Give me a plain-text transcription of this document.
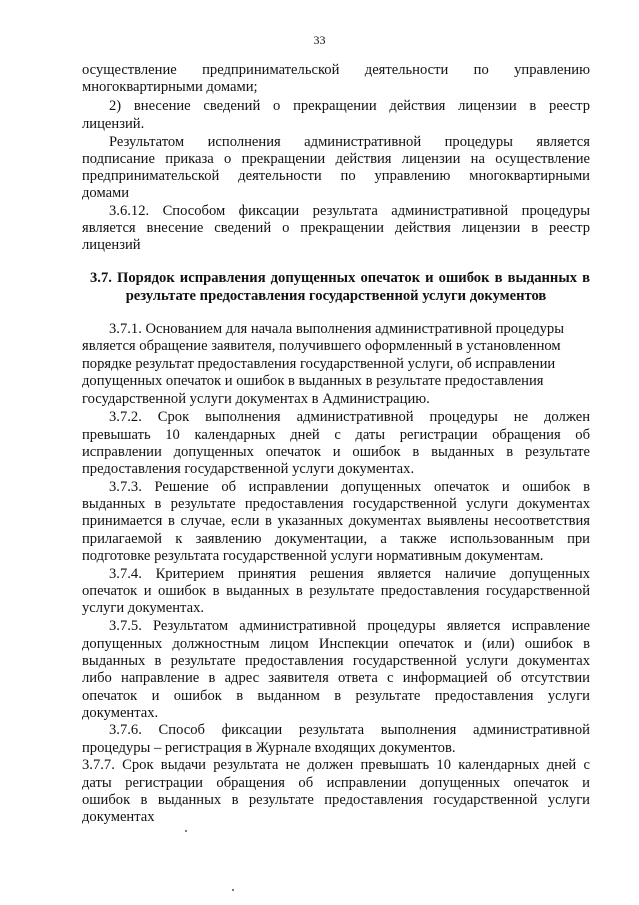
33
осуществление предпринимательской деятельности по управлению
многоквартирными домами;
2) внесение сведений о прекращении действия лицензии в реестр
лицензий.
Результатом исполнения административной процедуры является
подписание приказа о прекращении действия лицензии на осуществление
предпринимательской деятельности по управлению многоквартирными
домами
3.6.12. Способом фиксации результата административной процедуры
является внесение сведений о прекращении действия лицензии в реестр
лицензий
3.7. Порядок исправления допущенных опечаток и ошибок в выданных в
результате предоставления государственной услуги документов
3.7.1. Основанием для начала выполнения административной процедуры
является обращение заявителя, получившего оформленный в установленном
порядке результат предоставления государственной услуги, об исправлении
допущенных опечаток и ошибок в выданных в результате предоставления
государственной услуги документах в Администрацию.
3.7.2. Срок выполнения административной процедуры не должен
превышать 10 календарных дней с даты регистрации обращения об
исправлении допущенных опечаток и ошибок в выданных в результате
предоставления государственной услуги документах.
3.7.3. Решение об исправлении допущенных опечаток и ошибок в
выданных в результате предоставления государственной услуги документах
принимается в случае, если в указанных документах выявлены несоответствия
прилагаемой к заявлению документации, а также использованным при
подготовке результата государственной услуги нормативным документам.
3.7.4. Критерием принятия решения является наличие допущенных
опечаток и ошибок в выданных в результате предоставления государственной
услуги документах.
3.7.5. Результатом административной процедуры является исправление
допущенных должностным лицом Инспекции опечаток и (или) ошибок в
выданных в результате предоставления государственной услуги документах
либо направление в адрес заявителя ответа с информацией об отсутствии
опечаток и ошибок в выданном в результате предоставления услуги
документах.
3.7.6. Способ фиксации результата выполнения административной
процедуры – регистрация в Журнале входящих документов.
3.7.7. Срок выдачи результата не должен превышать 10 календарных дней с
даты регистрации обращения об исправлении допущенных опечаток и
ошибок в выданных в результате предоставления государственной услуги
документах
